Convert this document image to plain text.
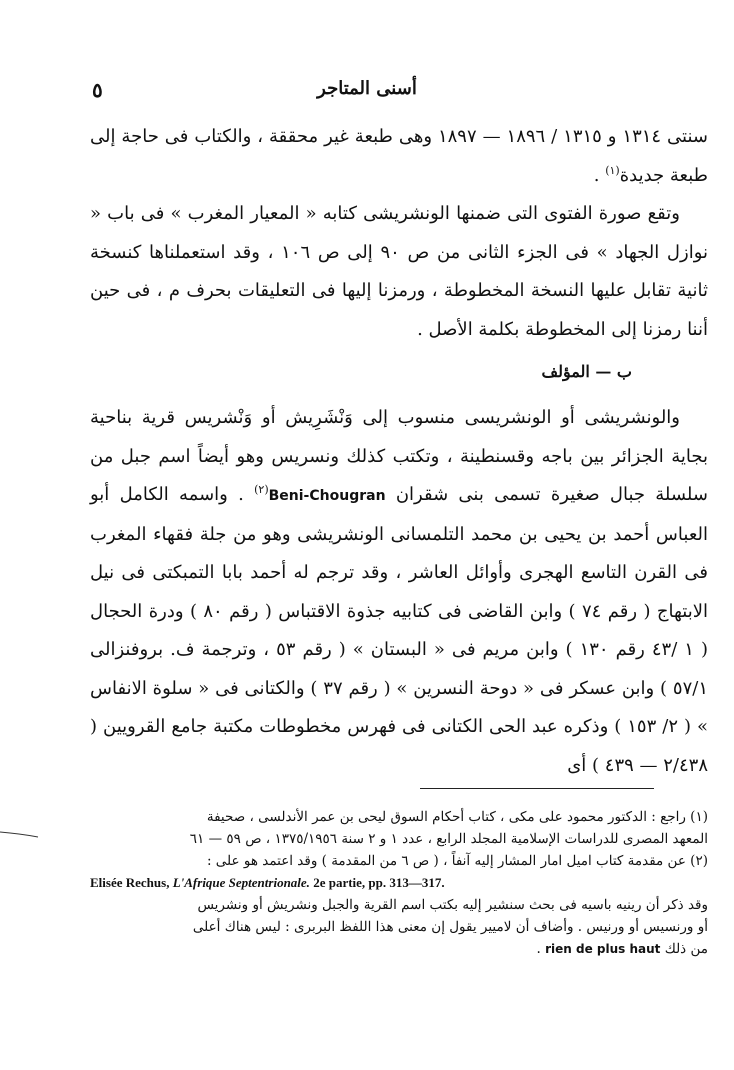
٥	أسنى المتاجر

سنتى ١٣١٤ و ١٣١٥ / ١٨٩٦ — ١٨٩٧ وهى طبعة غير محققة ، والكتاب فى حاجة إلى طبعة جديدة$^{(١)}$ .

وتقع صورة الفتوى التى ضمنها الونشريشى كتابه « المعيار المغرب » فى باب « نوازل الجهاد » فى الجزء الثانى من ص ٩٠ إلى ص ١٠٦ ، وقد استعملناها كنسخة ثانية تقابل عليها النسخة المخطوطة ، ورمزنا إليها فى التعليقات بحرف م ، فى حين أننا رمزنا إلى المخطوطة بكلمة الأصل .

ب — المؤلف

والونشريشى أو الونشريسى منسوب إلى وَنْشَرِيش أو وَنْشريس قرية بناحية بجاية الجزائر بين باجه وقسنطينة ، وتكتب كذلك ونسريس وهو أيضاً اسم جبل من سلسلة جبال صغيرة تسمى بنى شقران Beni-Chougran$^{(٢)}$ . واسمه الكامل أبو العباس أحمد بن يحيى بن محمد التلمسانى الونشريشى وهو من جلة فقهاء المغرب فى القرن التاسع الهجرى وأوائل العاشر ، وقد ترجم له أحمد بابا التمبكتى فى نيل الابتهاج ( رقم ٧٤ ) وابن القاضى فى كتابيه جذوة الاقتباس ( رقم ٨٠ ) ودرة الحجال ( ١ /٤٣ رقم ١٣٠ ) وابن مريم فى « البستان » ( رقم ٥٣ ، وترجمة ف. بروفنزالى ٥٧/١ ) وابن عسكر فى « دوحة النسرين » ( رقم ٣٧ ) والكتانى فى « سلوة الانفاس » ( ٢/ ١٥٣ ) وذكره عبد الحى الكتانى فى فهرس مخطوطات مكتبة جامع القرويين ( ٢/٤٣٨ — ٤٣٩ ) أى

(١) راجع : الدكتور محمود على مكى ، كتاب أحكام السوق ليحى بن عمر الأندلسى ، صحيفة

المعهد المصرى للدراسات الإسلامية المجلد الرابع ، عدد ١ و ٢ سنة ١٣٧٥/١٩٥٦ ، ص ٥٩ — ٦١

(٢) عن مقدمة كتاب اميل امار المشار إليه آنفاً ، ( ص ٦ من المقدمة ) وقد اعتمد هو على :

Elisée Rechus, L'Afrique Septentrionale. 2e partie, pp. 313—317.

وقد ذكر أن رينيه باسيه فى بحث سنشير إليه بكتب اسم القرية والجبل ونشريش أو ونشريس

أو ورنسيس أو ورنيس . وأضاف أن لاميير يقول إن معنى هذا اللفظ البربرى : ليس هناك أعلى

من ذلك rien de plus haut .
